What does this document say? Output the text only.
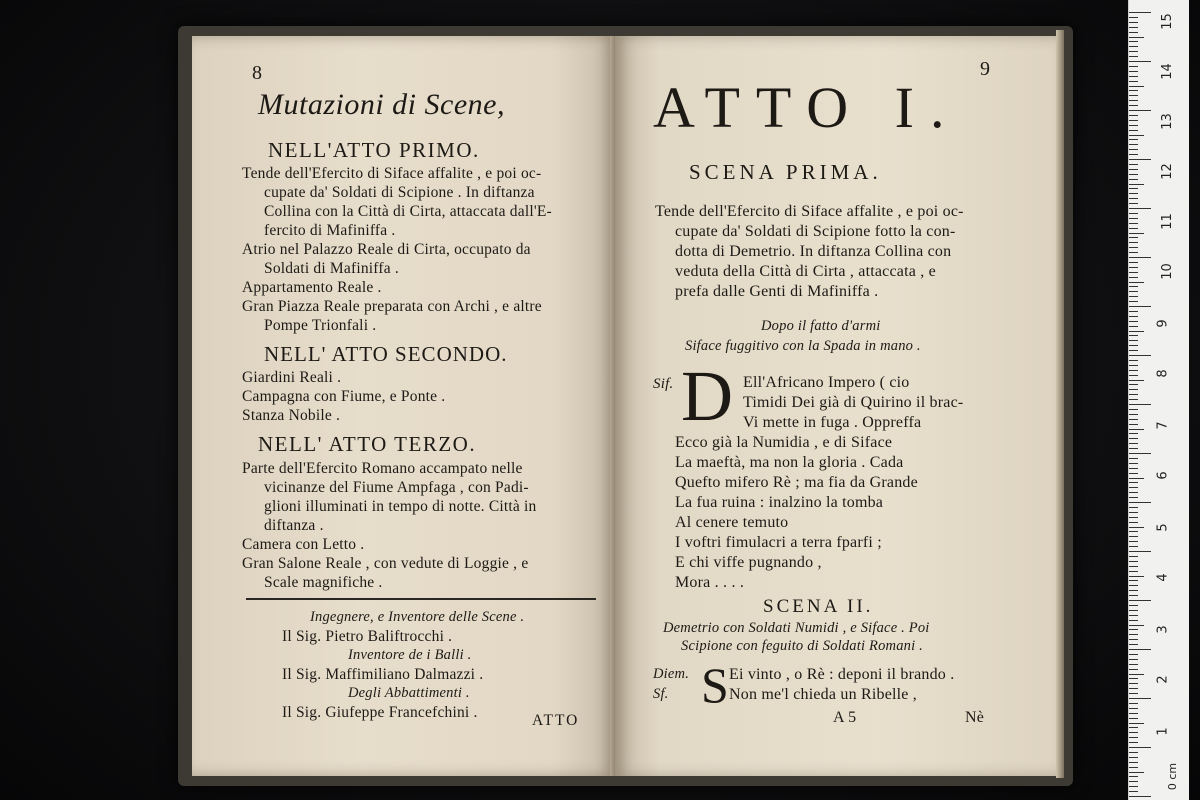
8
Mutazioni di Scene,
NELL'ATTO PRIMO.
Tende dell'Efercito di Siface affalite , e poi oc-
cupate da' Soldati di Scipione . In diftanza
Collina con la Città di Cirta, attaccata dall'E-
fercito di Mafiniffa .
Atrio nel Palazzo Reale di Cirta, occupato da
Soldati di Mafiniffa .
Appartamento Reale .
Gran Piazza Reale preparata con Archi , e altre
Pompe Trionfali .
NELL' ATTO SECONDO.
Giardini Reali .
Campagna con Fiume, e Ponte .
Stanza Nobile .
NELL' ATTO TERZO.
Parte dell'Efercito Romano accampato nelle
vicinanze del Fiume Ampfaga , con Padi-
glioni illuminati in tempo di notte. Città in
diftanza .
Camera con Letto .
Gran Salone Reale , con vedute di Loggie , e
Scale magnifiche .
Ingegnere, e Inventore delle Scene .
Il Sig. Pietro Baliftrocchi .
Inventore de i Balli .
Il Sig. Maffimiliano Dalmazzi .
Degli Abbattimenti .
Il Sig. Giufeppe Francefchini .	ATTO
9
ATTO I.
SCENA PRIMA.
Tende dell'Efercito di Siface affalite , e poi oc-
cupate da' Soldati di Scipione fotto la con-
dotta di Demetrio. In diftanza Collina con
veduta della Città di Cirta , attaccata , e
prefa dalle Genti di Mafiniffa .
Dopo il fatto d'armi
Siface fuggitivo con la Spada in mano .
Sif. D Ell'Africano Impero ( cio
Timidi Dei già di Quirino il brac-
Vi mette in fuga . Oppreffa
Ecco già la Numidia , e di Siface
La maeftà, ma non la gloria . Cada
Quefto mifero Rè ; ma fia da Grande
La fua ruina : inalzino la tomba
Al cenere temuto
I voftri fimulacri a terra fparfi ;
E chi viffe pugnando ,
Mora . . . .
SCENA II.
Demetrio con Soldati Numidi , e Siface . Poi
Scipione con feguito di Soldati Romani .
Diem.
Sf. S Ei vinto , o Rè : deponi il brando .
Non me'l chieda un Ribelle ,
A 5	Nè
15
14
13
12
11
10
9
8
7
6
5
4
3
2
1
0 cm
